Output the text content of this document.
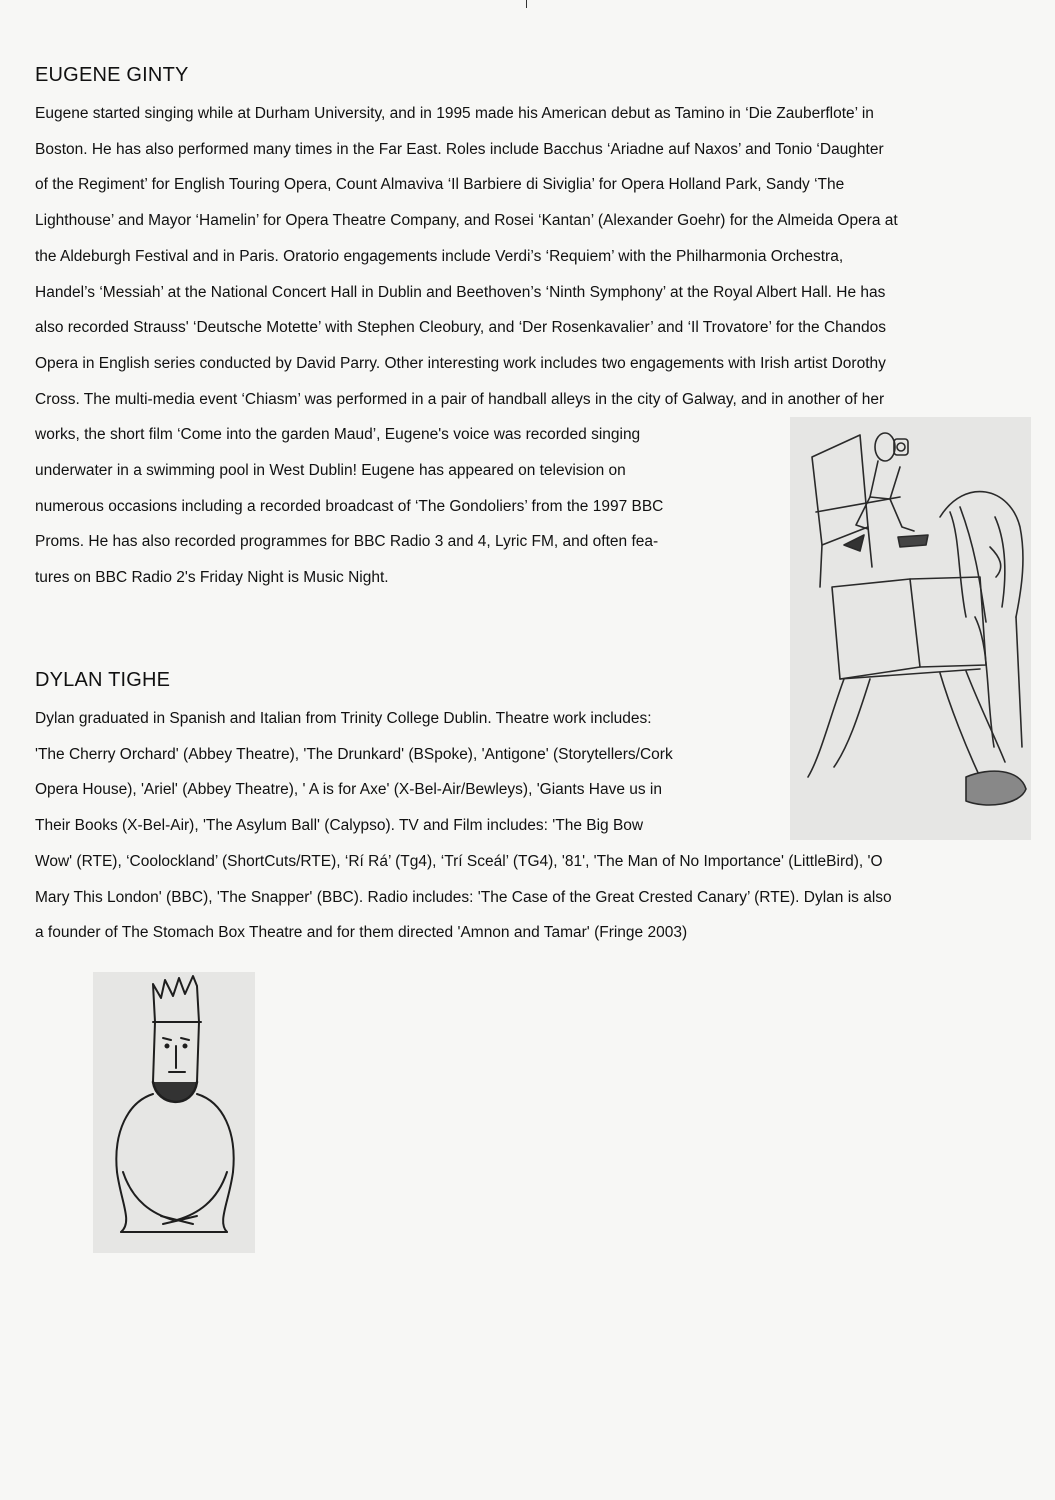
EUGENE GINTY

Eugene started singing while at Durham University, and in 1995 made his American debut as Tamino in ‘Die Zauberflote’ in
Boston. He has also performed many times in the Far East. Roles include Bacchus ‘Ariadne auf Naxos’ and Tonio ‘Daughter
of the Regiment’ for English Touring Opera, Count Almaviva ‘Il Barbiere di Siviglia’ for Opera Holland Park, Sandy ‘The
Lighthouse’ and Mayor ‘Hamelin’ for Opera Theatre Company, and Rosei ‘Kantan’ (Alexander Goehr) for the Almeida Opera at
the Aldeburgh Festival and in Paris. Oratorio engagements include Verdi’s ‘Requiem’ with the Philharmonia Orchestra,
Handel’s ‘Messiah’ at the National Concert Hall in Dublin and Beethoven’s ‘Ninth Symphony’ at the Royal Albert Hall. He has
also recorded Strauss' ‘Deutsche Motette’ with Stephen Cleobury, and ‘Der Rosenkavalier’ and ‘Il Trovatore’ for the Chandos
Opera in English series conducted by David Parry. Other interesting work includes two engagements with Irish artist Dorothy
Cross. The multi-media event ‘Chiasm’ was performed in a pair of handball alleys in the city of Galway, and in another of her
works, the short film ‘Come into the garden Maud’, Eugene's voice was recorded singing
underwater in a swimming pool in West Dublin! Eugene has appeared on television on
numerous occasions including a recorded broadcast of ‘The Gondoliers’ from the 1997 BBC
Proms. He has also recorded programmes for BBC Radio 3 and 4, Lyric FM, and often fea-
tures on BBC Radio 2's Friday Night is Music Night.

DYLAN TIGHE

Dylan graduated in Spanish and Italian from Trinity College Dublin. Theatre work includes:
'The Cherry Orchard' (Abbey Theatre), 'The Drunkard' (BSpoke), 'Antigone' (Storytellers/Cork
Opera House), 'Ariel' (Abbey Theatre), ' A is for Axe' (X-Bel-Air/Bewleys), 'Giants Have us in
Their Books (X-Bel-Air), 'The Asylum Ball' (Calypso). TV and Film includes: 'The Big Bow
Wow' (RTE), ‘Coolockland’ (ShortCuts/RTE), ‘Rí Rá’ (Tg4), ‘Trí Sceál’ (TG4), '81', 'The Man of No Importance' (LittleBird), 'O
Mary This London' (BBC), 'The Snapper' (BBC). Radio includes: 'The Case of the Great Crested Canary’ (RTE). Dylan is also
a founder of The Stomach Box Theatre and for them directed 'Amnon and Tamar' (Fringe 2003)
